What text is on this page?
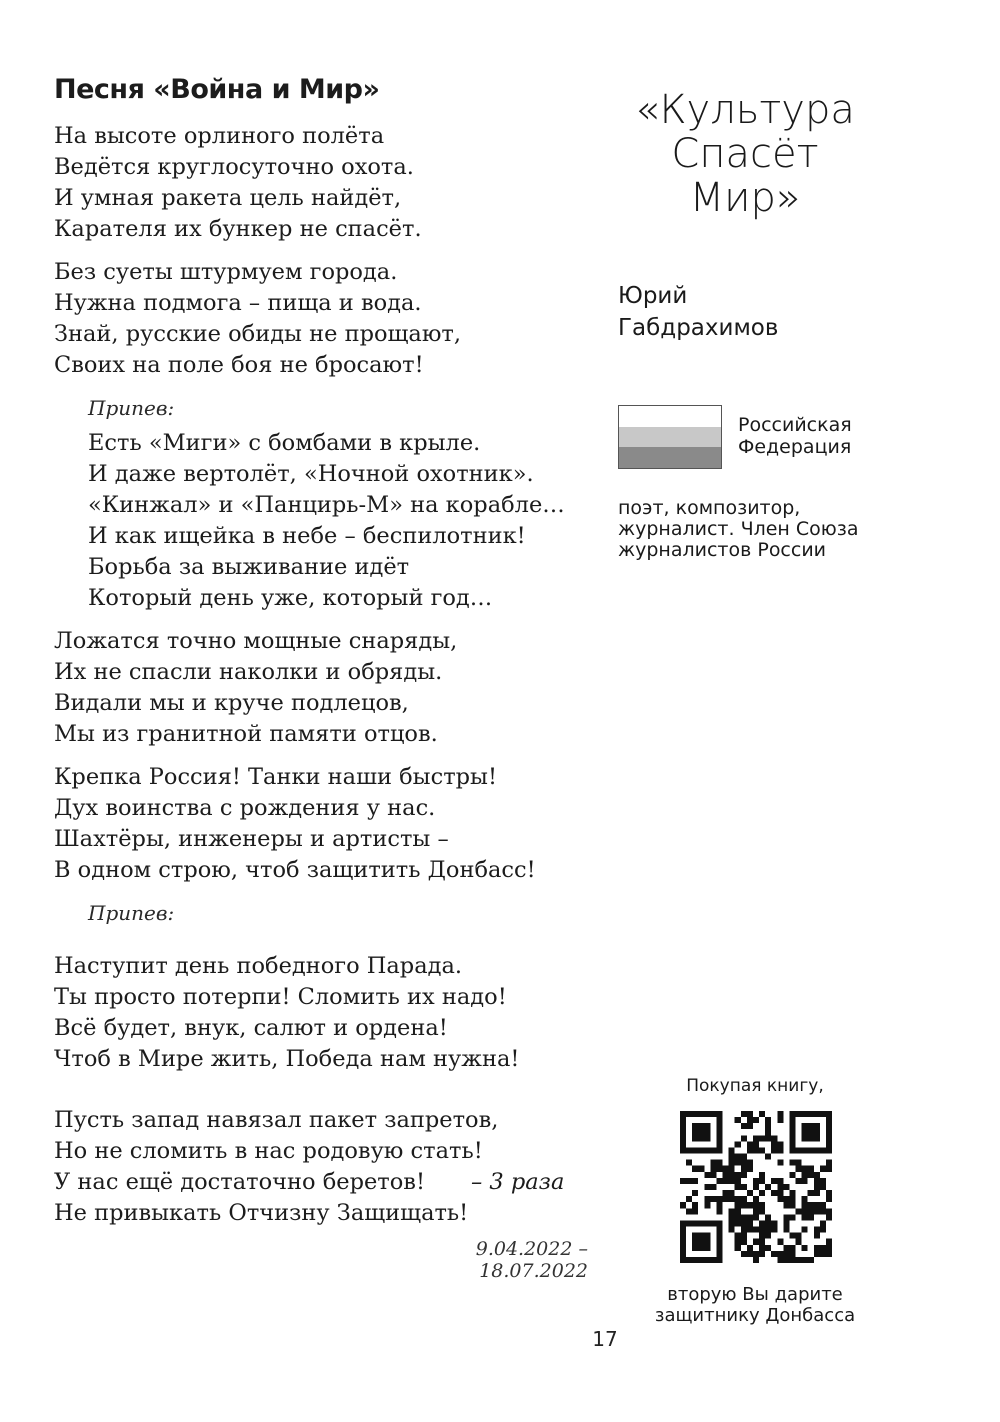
Песня «Война и Мир»
На высоте орлиного полёта
Ведётся круглосуточно охота.
И умная ракета цель найдёт,
Карателя их бункер не спасёт.
Без суеты штурмуем города.
Нужна подмога – пища и вода.
Знай, русские обиды не прощают,
Своих на поле боя не бросают!
Припев:
Есть «Миги» с бомбами в крыле.
И даже вертолёт, «Ночной охотник».
«Кинжал» и «Панцирь-М» на корабле…
И как ищейка в небе – беспилотник!
Борьба за выживание идёт
Который день уже, который год…
Ложатся точно мощные снаряды,
Их не спасли наколки и обряды.
Видали мы и круче подлецов,
Мы из гранитной памяти отцов.
Крепка Россия! Танки наши быстры!
Дух воинства с рождения у нас.
Шахтёры, инженеры и артисты –
В одном строю, чтоб защитить Донбасс!
Припев:
Наступит день победного Парада.
Ты просто потерпи! Сломить их надо!
Всё будет, внук, салют и ордена!
Чтоб в Мире жить, Победа нам нужна!
Пусть запад навязал пакет запретов,
Но не сломить в нас родовую стать!
У нас ещё достаточно беретов! – 3 раза
Не привыкать Отчизну Защищать!
9.04.2022 – 18.07.2022
«Культура
Спасёт
Мир»
Юрий
Габдрахимов
Российская
Федерация
поэт, композитор,
журналист. Член Союза
журналистов России
Покупая книгу,
вторую Вы дарите
защитнику Донбасса
17
